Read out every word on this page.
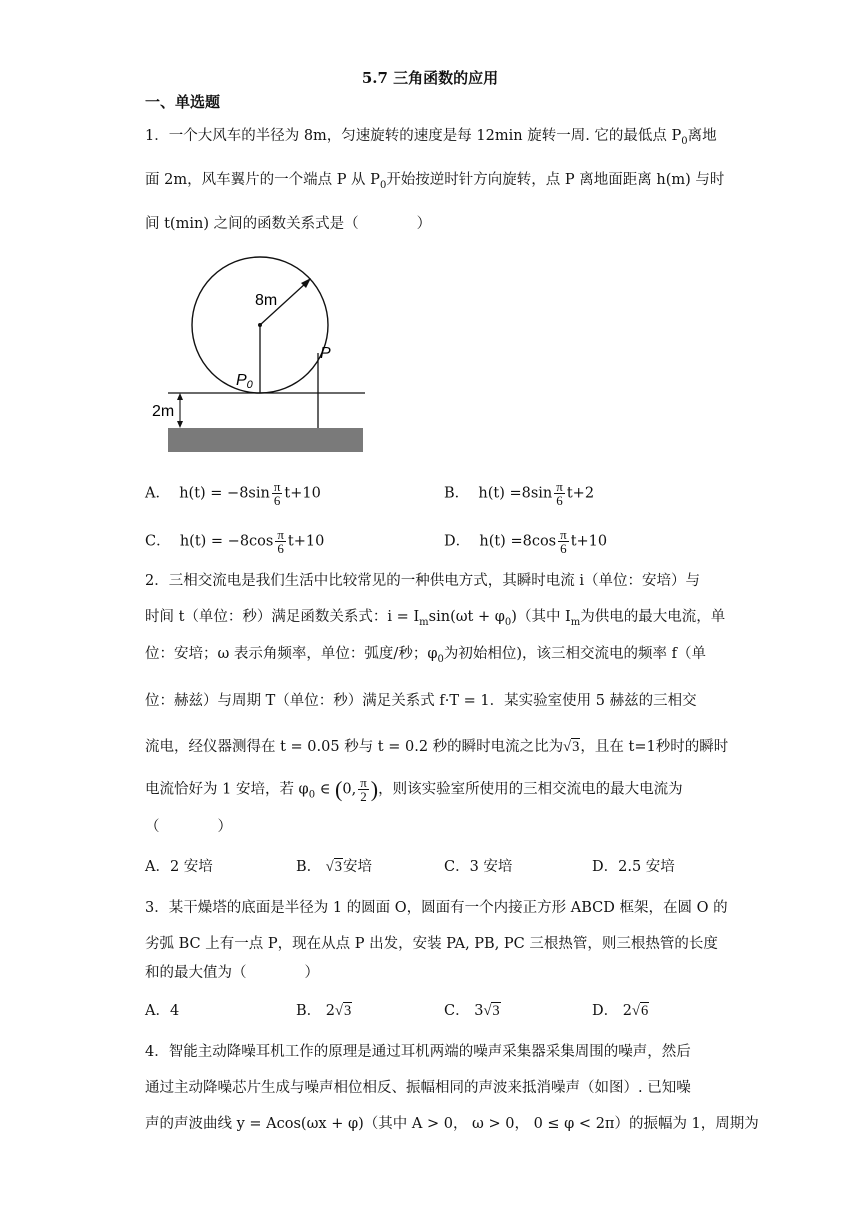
5.7 三角函数的应用
一、单选题
1．一个大风车的半径为 8m，匀速旋转的速度是每 12min 旋转一周. 它的最低点 $P_0$离地
面 2m，风车翼片的一个端点 P 从 $P_0$开始按逆时针方向旋转，点 P 离地面距离 h(m) 与时
间 t(min) 之间的函数关系式是（　　　　）
8m
P0
P
2m
A． $h(t) = -8\sin \frac{\pi}{6} t+10$	B． $h(t) =8\sin \frac{\pi}{6} t+2$
C． $h(t) = -8\cos \frac{\pi}{6} t+10$	D． $h(t) =8\cos \frac{\pi}{6} t+10$
2．三相交流电是我们生活中比较常见的一种供电方式，其瞬时电流 i（单位：安培）与
时间 t（单位：秒）满足函数关系式：$i = I_m\sin(\omega t + \varphi_0)$（其中 $I_m$为供电的最大电流，单
位：安培；ω 表示角频率，单位：弧度/秒；$\varphi_0$为初始相位)，该三相交流电的频率 f（单
位：赫兹）与周期 T（单位：秒）满足关系式 f·T = 1．某实验室使用 5 赫兹的三相交
流电，经仪器测得在 t = 0.05 秒与 t = 0.2 秒的瞬时电流之比为√3，且在 t=1秒时的瞬时
电流恰好为 1 安培，若 $\varphi_0$ ∈ (0, $\frac{\pi}{2}$ )，则该实验室所使用的三相交流电的最大电流为
（　　　　）
A．2 安培	B． √3安培	C．3 安培	D．2.5 安培
3．某干燥塔的底面是半径为 1 的圆面 O，圆面有一个内接正方形 ABCD 框架，在圆 O 的
劣弧 BC 上有一点 P，现在从点 P 出发，安装 PA, PB, PC 三根热管，则三根热管的长度
和的最大值为（　　　　）
A．4	B． 2√3	C． 3√3	D． 2√6
4．智能主动降噪耳机工作的原理是通过耳机两端的噪声采集器采集周围的噪声，然后
通过主动降噪芯片生成与噪声相位相反、振幅相同的声波来抵消噪声（如图）. 已知噪
声的声波曲线 y = Acos(ωx + φ)（其中 A > 0， ω > 0， 0 ≤ φ < 2π）的振幅为 1，周期为
